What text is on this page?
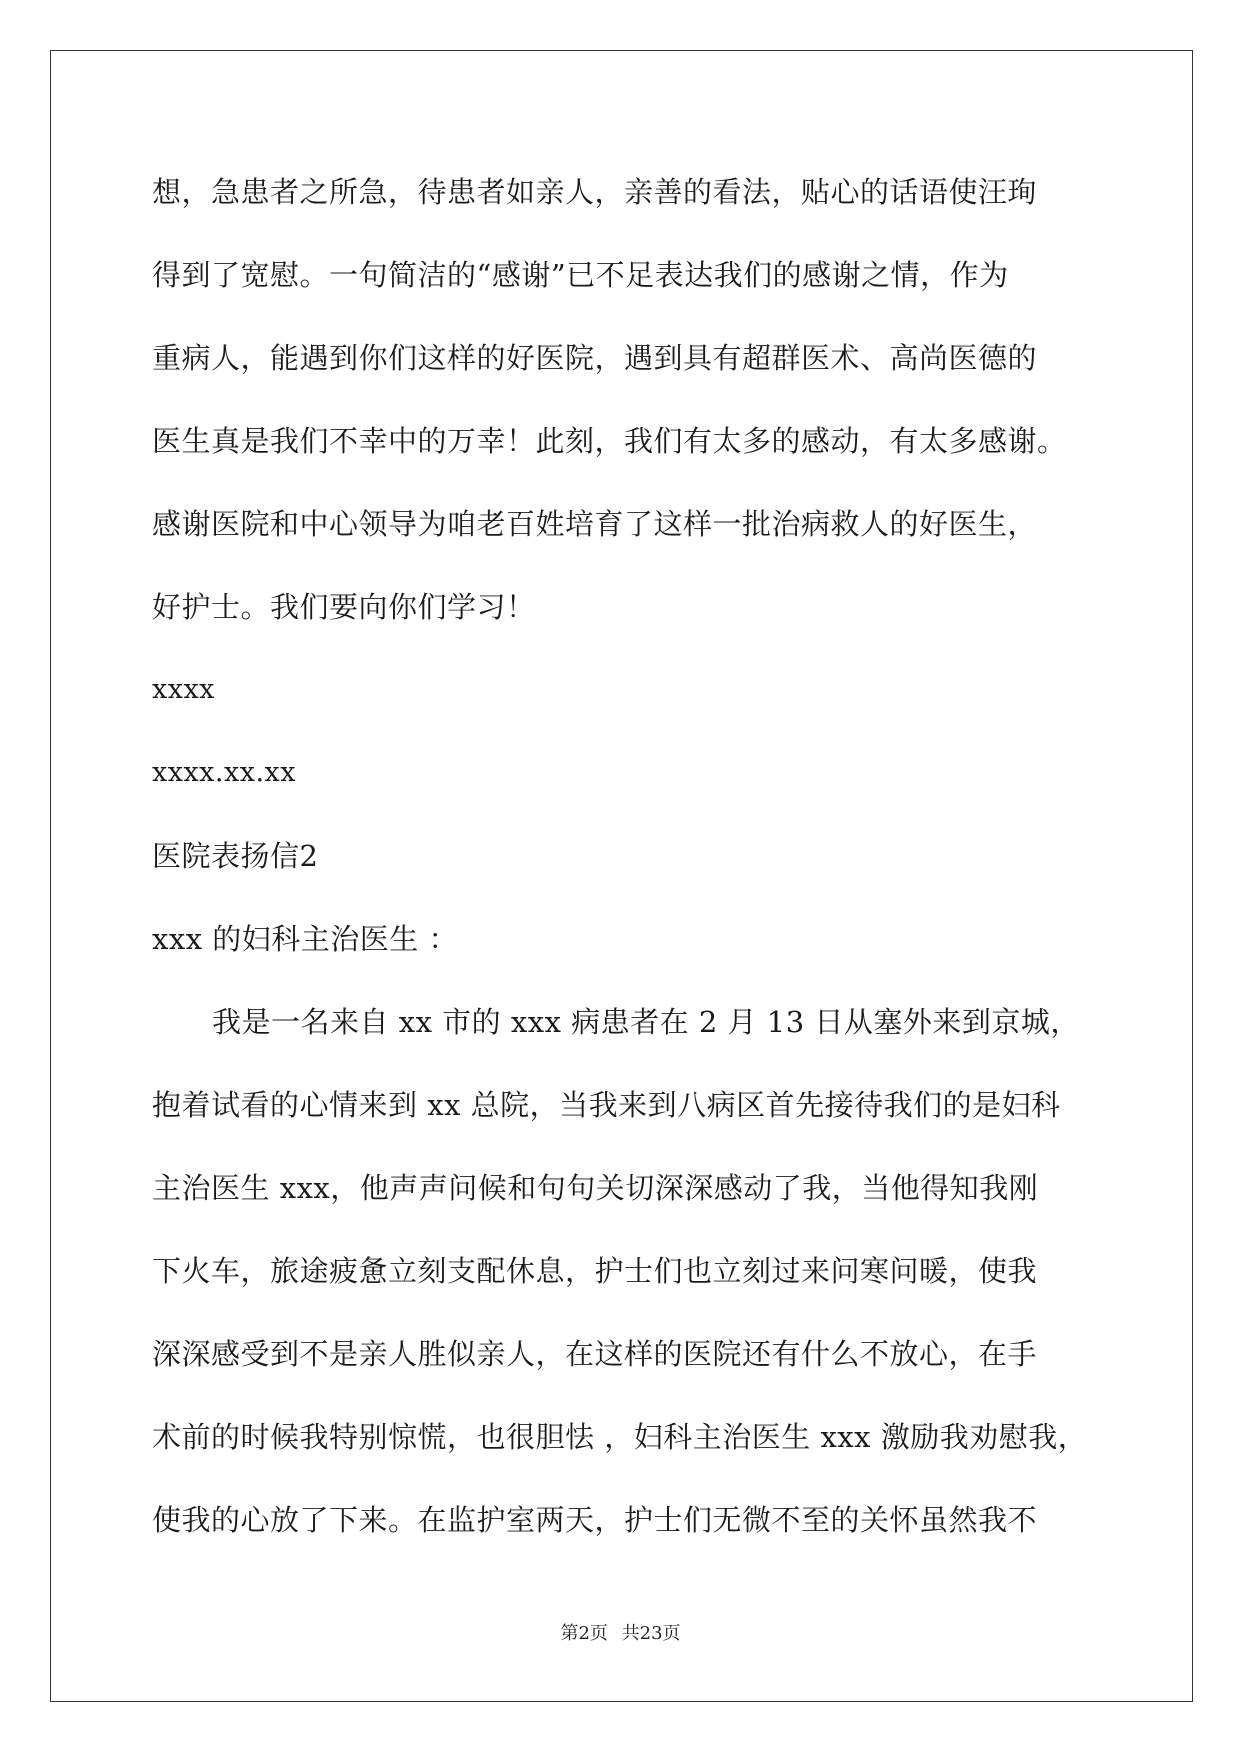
想，急患者之所急，待患者如亲人，亲善的看法，贴心的话语使汪珣
得到了宽慰。一句简洁的“感谢”已不足表达我们的感谢之情，作为
重病人，能遇到你们这样的好医院，遇到具有超群医术、高尚医德的
医生真是我们不幸中的万幸！此刻，我们有太多的感动，有太多感谢。
感谢医院和中心领导为咱老百姓培育了这样一批治病救人的好医生，
好护士。我们要向你们学习！
xxxx
xxxx.xx.xx
医院表扬信2
xxx 的妇科主治医生 ：
我是一名来自 xx 市的 xxx 病患者在 2 月 13 日从塞外来到京城，
抱着试看的心情来到 xx 总院，当我来到八病区首先接待我们的是妇科
主治医生 xxx，他声声问候和句句关切深深感动了我，当他得知我刚
下火车，旅途疲惫立刻支配休息，护士们也立刻过来问寒问暖，使我
深深感受到不是亲人胜似亲人，在这样的医院还有什么不放心，在手
术前的时候我特别惊慌，也很胆怯 ，妇科主治医生 xxx 激励我劝慰我，
使我的心放了下来。在监护室两天，护士们无微不至的关怀虽然我不
第2页 共23页
